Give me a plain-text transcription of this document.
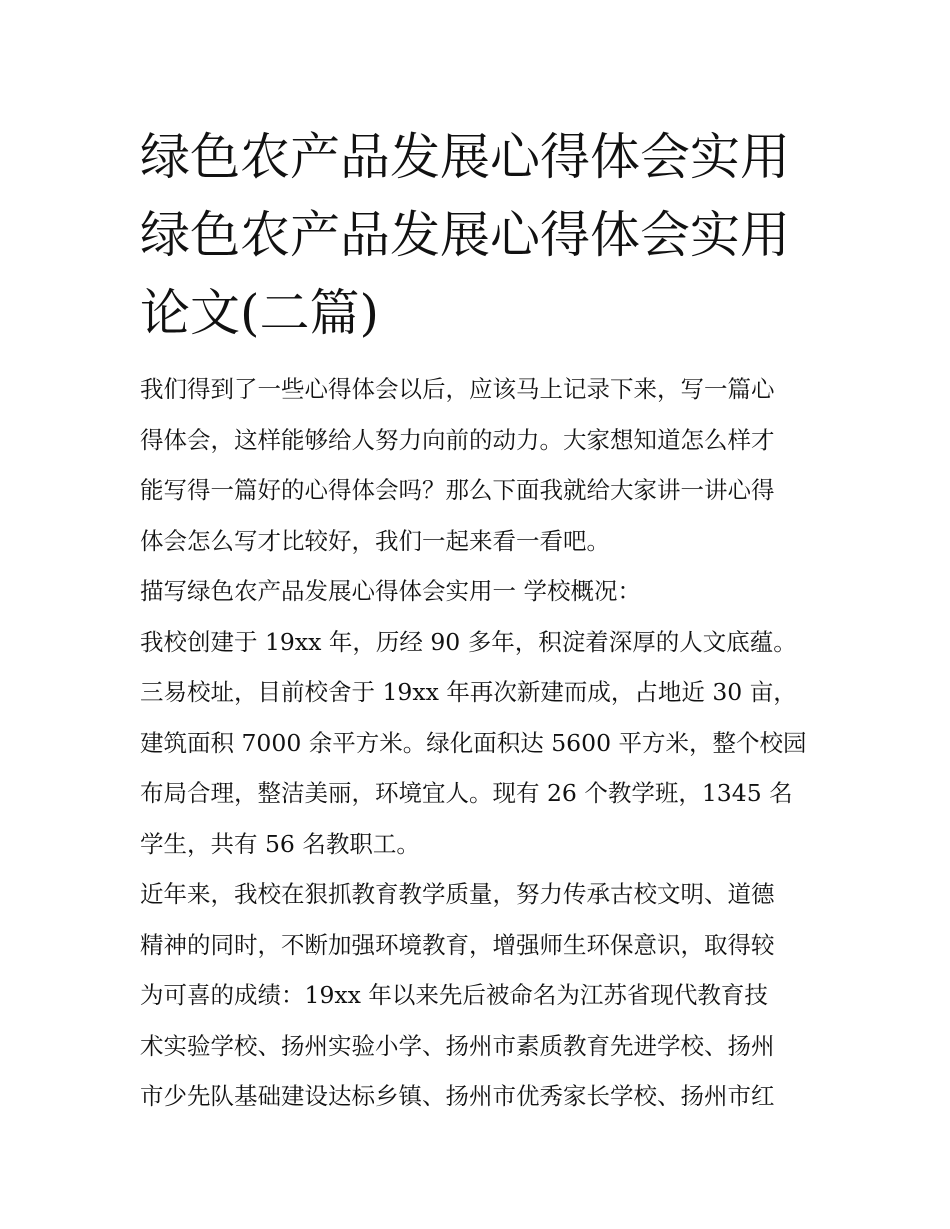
绿色农产品发展心得体会实用
绿色农产品发展心得体会实用
论文(二篇)

我们得到了一些心得体会以后，应该马上记录下来，写一篇心
得体会，这样能够给人努力向前的动力。大家想知道怎么样才
能写得一篇好的心得体会吗？那么下面我就给大家讲一讲心得
体会怎么写才比较好，我们一起来看一看吧。

描写绿色农产品发展心得体会实用一 学校概况：

我校创建于 19xx 年，历经 90 多年，积淀着深厚的人文底蕴。
三易校址，目前校舍于 19xx 年再次新建而成，占地近 30 亩，
建筑面积 7000 余平方米。绿化面积达 5600 平方米，整个校园
布局合理，整洁美丽，环境宜人。现有 26 个教学班，1345 名
学生，共有 56 名教职工。

近年来，我校在狠抓教育教学质量，努力传承古校文明、道德
精神的同时，不断加强环境教育，增强师生环保意识，取得较
为可喜的成绩：19xx 年以来先后被命名为江苏省现代教育技
术实验学校、扬州实验小学、扬州市素质教育先进学校、扬州
市少先队基础建设达标乡镇、扬州市优秀家长学校、扬州市红
